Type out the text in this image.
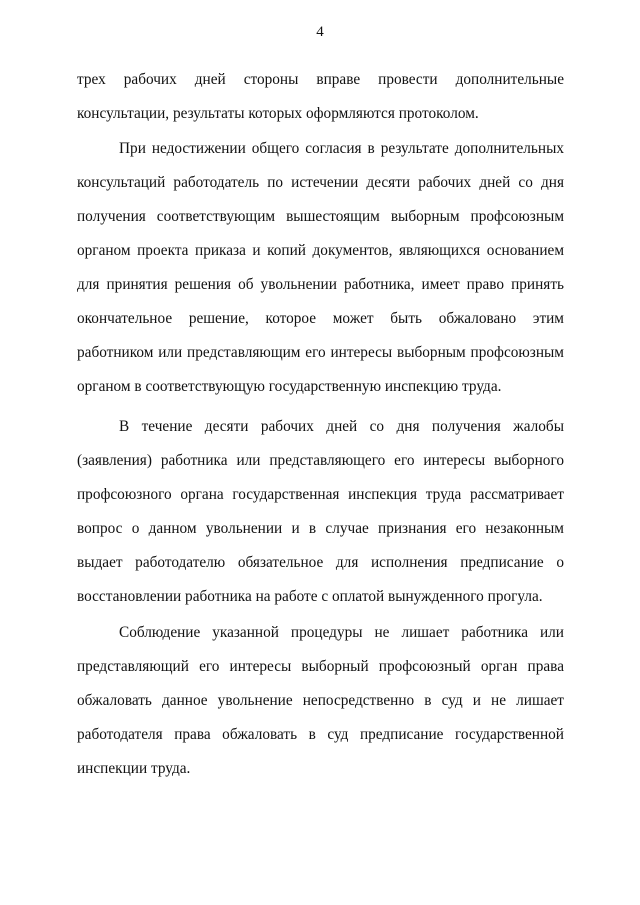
4

трех рабочих дней стороны вправе провести дополнительные консультации, результаты которых оформляются протоколом.

При недостижении общего согласия в результате дополнительных консультаций работодатель по истечении десяти рабочих дней со дня получения соответствующим вышестоящим выборным профсоюзным органом проекта приказа и копий документов, являющихся основанием для принятия решения об увольнении работника, имеет право принять окончательное решение, которое может быть обжаловано этим работником или представляющим его интересы выборным профсоюзным органом в соответствующую государственную инспекцию труда.

В течение десяти рабочих дней со дня получения жалобы (заявления) работника или представляющего его интересы выборного профсоюзного органа государственная инспекция труда рассматривает вопрос о данном увольнении и в случае признания его незаконным выдает работодателю обязательное для исполнения предписание о восстановлении работника на работе с оплатой вынужденного прогула.

Соблюдение указанной процедуры не лишает работника или представляющий его интересы выборный профсоюзный орган права обжаловать данное увольнение непосредственно в суд и не лишает работодателя права обжаловать в суд предписание государственной инспекции труда.
